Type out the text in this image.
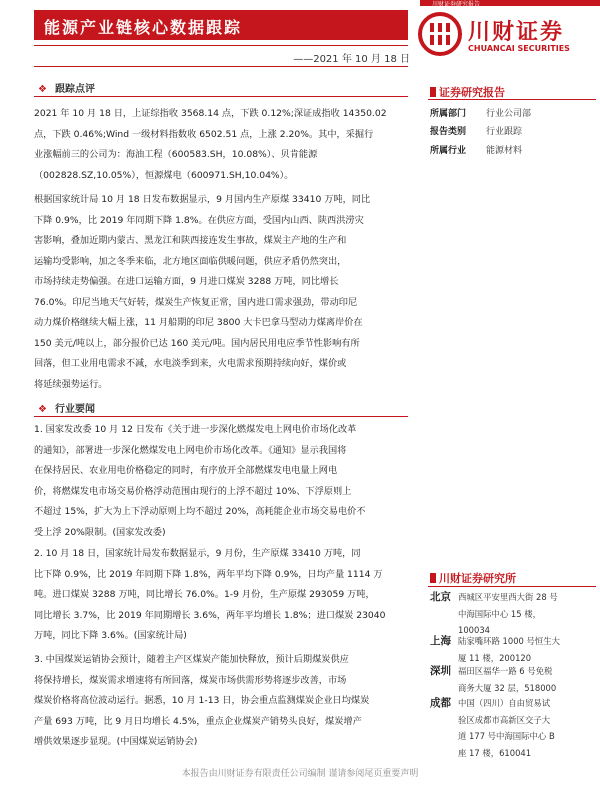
川财证券研究报告
能源产业链核心数据跟踪	川财证券
CHUANCAI SECURITIES
——2021 年 10 月 18 日
❖ 跟踪点评
2021 年 10 月 18 日，上证综指收 3568.14 点，下跌 0.12%;深证成指收 14350.02
点，下跌 0.46%;Wind 一级材料指数收 6502.51 点，上涨 2.20%。其中，采掘行
业涨幅前三的公司为：海油工程（600583.SH，10.08%）、贝肯能源
（002828.SZ,10.05%），恒源煤电（600971.SH,10.04%）。
根据国家统计局 10 月 18 日发布数据显示，9 月国内生产原煤 33410 万吨，同比
下降 0.9%，比 2019 年同期下降 1.8%。在供应方面，受国内山西、陕西洪涝灾
害影响，叠加近期内蒙古、黑龙江和陕西接连发生事故，煤炭主产地的生产和
运输均受影响，加之冬季来临，北方地区面临供暖问题，供应矛盾仍然突出，
市场持续走势偏强。在进口运输方面，9 月进口煤炭 3288 万吨，同比增长
76.0%。印尼当地天气好转，煤炭生产恢复正常，国内进口需求强劲，带动印尼
动力煤价格继续大幅上涨，11 月船期的印尼 3800 大卡巴拿马型动力煤离岸价在
150 美元/吨以上，部分报价已达 160 美元/吨。国内居民用电应季节性影响有所
回落，但工业用电需求不减，水电淡季到来，火电需求预期持续向好，煤价或
将延续强势运行。
❖ 行业要闻
1. 国家发改委 10 月 12 日发布《关于进一步深化燃煤发电上网电价市场化改革
的通知》，部署进一步深化燃煤发电上网电价市场化改革。《通知》显示我国将
在保持居民、农业用电价格稳定的同时，有序放开全部燃煤发电电量上网电
价，将燃煤发电市场交易价格浮动范围由现行的上浮不超过 10%、下浮原则上
不超过 15%，扩大为上下浮动原则上均不超过 20%，高耗能企业市场交易电价不
受上浮 20%限制。(国家发改委)
2. 10 月 18 日，国家统计局发布数据显示，9 月份，生产原煤 33410 万吨，同
比下降 0.9%，比 2019 年同期下降 1.8%，两年平均下降 0.9%，日均产量 1114 万
吨。进口煤炭 3288 万吨，同比增长 76.0%。1-9 月份，生产原煤 293059 万吨，
同比增长 3.7%，比 2019 年同期增长 3.6%，两年平均增长 1.8%；进口煤炭 23040
万吨，同比下降 3.6%。(国家统计局)
3. 中国煤炭运销协会预计，随着主产区煤炭产能加快释放，预计后期煤炭供应
将保持增长，煤炭需求增速将有所回落，煤炭市场供需形势将逐步改善，市场
煤炭价格将高位波动运行。据悉，10 月 1-13 日，协会重点监测煤炭企业日均煤炭
产量 693 万吨，比 9 月日均增长 4.5%，重点企业煤炭产销势头良好，煤炭增产
增供效果逐步显现。(中国煤炭运销协会)
证券研究报告
所属部门 行业公司部
报告类别 行业跟踪
所属行业 能源材料
川财证券研究所
北京 西城区平安里西大街 28 号
中海国际中心 15 楼，
100034
上海 陆家嘴环路 1000 号恒生大
厦 11 楼，200120
深圳 福田区福华一路 6 号免税
商务大厦 32 层，518000
成都 中国（四川）自由贸易试
验区成都市高新区交子大
道 177 号中海国际中心 B
座 17 楼，610041
本报告由川财证券有限责任公司编制 谨请参阅尾页重要声明
